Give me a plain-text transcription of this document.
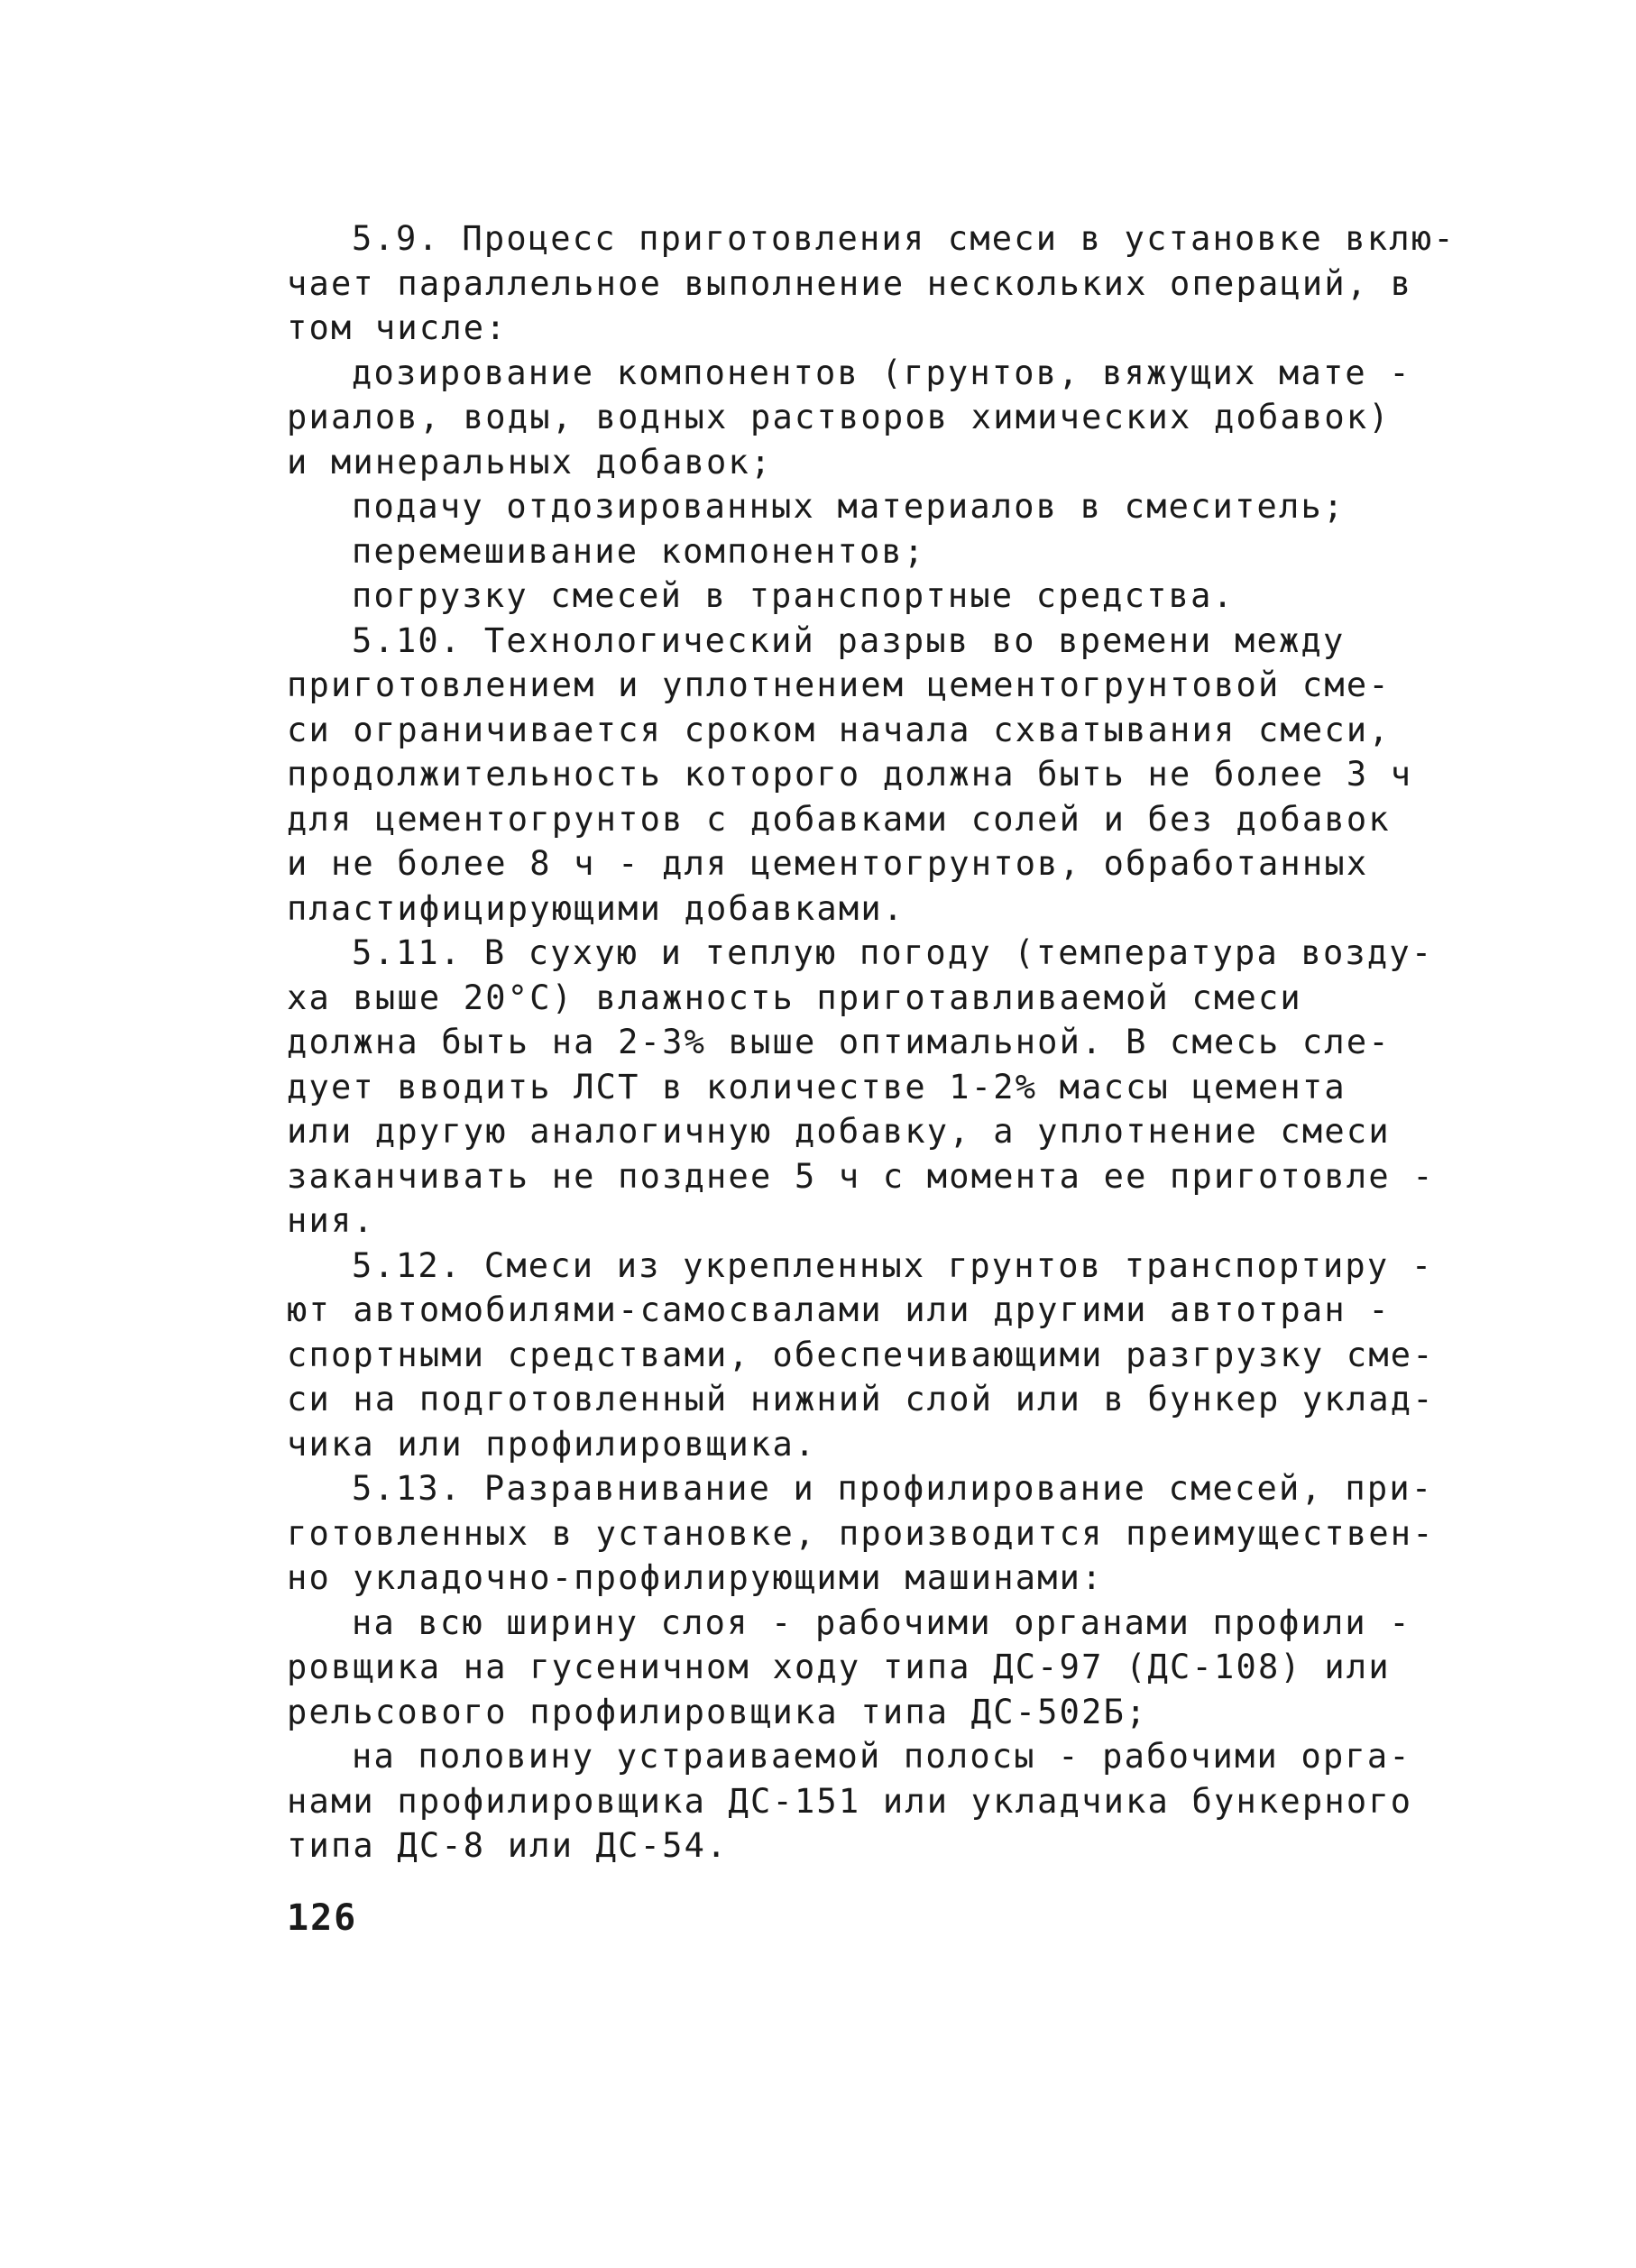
5.9. Процесс приготовления смеси в установке вклю-
чает параллельное выполнение нескольких операций, в
том числе:
дозирование компонентов (грунтов, вяжущих мате -
риалов, воды, водных растворов химических добавок)
и минеральных добавок;
подачу отдозированных материалов в смеситель;
перемешивание компонентов;
погрузку смесей в транспортные средства.
5.10. Технологический разрыв во времени между
приготовлением и уплотнением цементогрунтовой сме-
си ограничивается сроком начала схватывания смеси,
продолжительность которого должна быть не более 3 ч
для цементогрунтов с добавками солей и без добавок
и не более 8 ч - для цементогрунтов, обработанных
пластифицирующими добавками.
5.11. В сухую и теплую погоду (температура возду-
ха выше 20°С) влажность приготавливаемой смеси
должна быть на 2-3% выше оптимальной. В смесь сле-
дует вводить ЛСТ в количестве 1-2% массы цемента
или другую аналогичную добавку, а уплотнение смеси
заканчивать не позднее 5 ч с момента ее приготовле -
ния.
5.12. Смеси из укрепленных грунтов транспортиру -
ют автомобилями-самосвалами или другими автотран -
спортными средствами, обеспечивающими разгрузку сме-
си на подготовленный нижний слой или в бункер уклад-
чика или профилировщика.
5.13. Разравнивание и профилирование смесей, при-
готовленных в установке, производится преимуществен-
но укладочно-профилирующими машинами:
на всю ширину слоя - рабочими органами профили -
ровщика на гусеничном ходу типа ДС-97 (ДС-108) или
рельсового профилировщика типа ДС-502Б;
на половину устраиваемой полосы - рабочими орга-
нами профилировщика ДС-151 или укладчика бункерного
типа ДС-8 или ДС-54.
126
